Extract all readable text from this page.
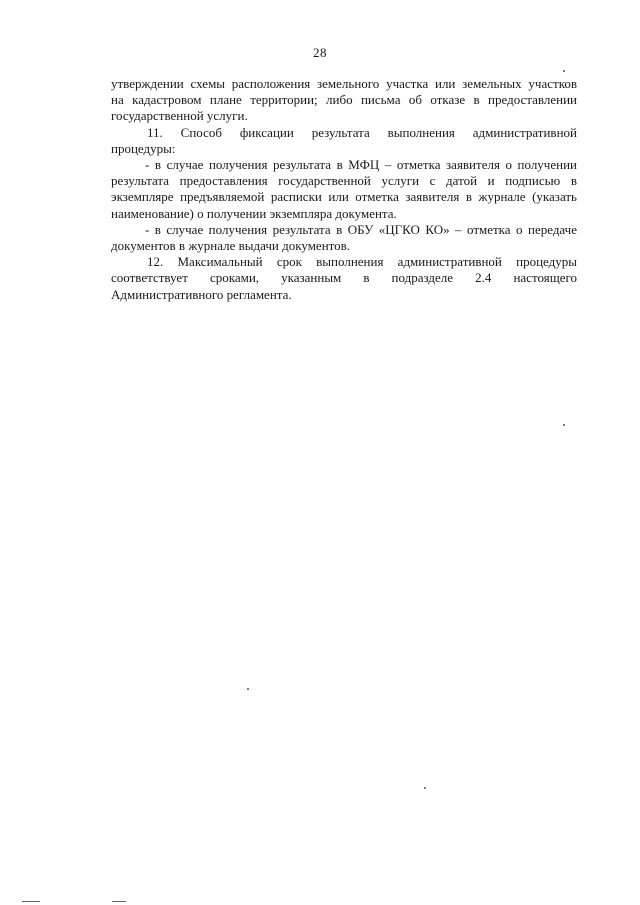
28
утверждении схемы расположения земельного участка или земельных участков
на кадастровом плане территории; либо письма об отказе в предоставлении
государственной услуги.
11. Способ фиксации результата выполнения административной
процедуры:
- в случае получения результата в МФЦ – отметка заявителя о получении
результата предоставления государственной услуги с датой и подписью в
экземпляре предъявляемой расписки или отметка заявителя в журнале (указать
наименование) о получении экземпляра документа.
- в случае получения результата в ОБУ «ЦГКО КО» – отметка о передаче
документов в журнале выдачи документов.
12. Максимальный срок выполнения административной процедуры
соответствует сроками, указанным в подразделе 2.4 настоящего
Административного регламента.
